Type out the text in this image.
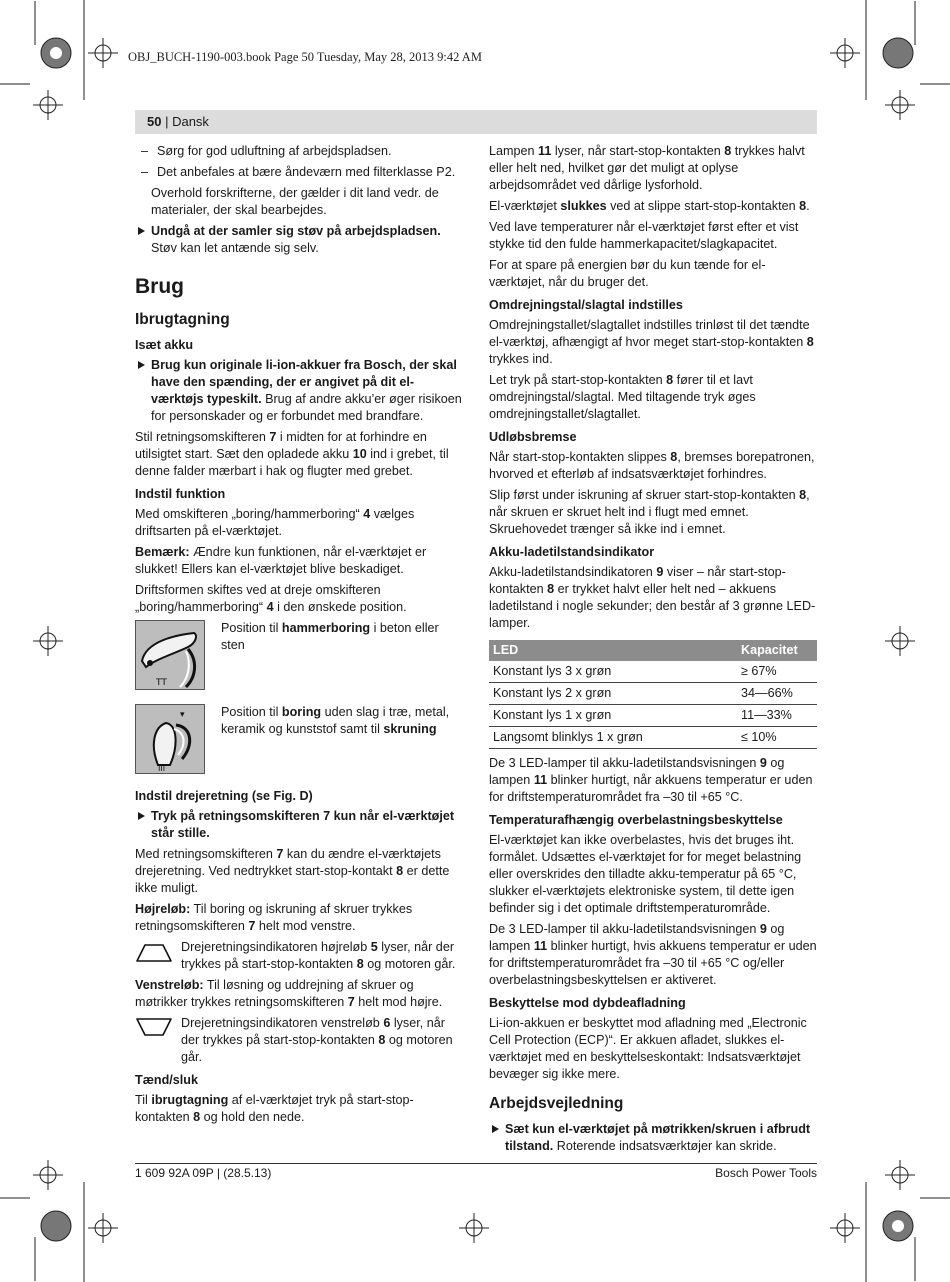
OBJ_BUCH-1190-003.book Page 50 Tuesday, May 28, 2013 9:42 AM
50 | Dansk

– Sørg for god udluftning af arbejdspladsen.

– Det anbefales at bære åndeværn med filterklasse P2.

Overhold forskrifterne, der gælder i dit land vedr. de materialer, der skal bearbejdes.

Undgå at der samler sig støv på arbejdspladsen. Støv kan let antænde sig selv.

Brug
Ibrugtagning
Isæt akku

Brug kun originale li-ion-akkuer fra Bosch, der skal have den spænding, der er angivet på dit el-værktøjs typeskilt. Brug af andre akku’er øger risikoen for personskader og er forbundet med brandfare.

Stil retningsomskifteren 7 i midten for at forhindre en utilsigtet start. Sæt den opladede akku 10 ind i grebet, til denne falder mærbart i hak og flugter med grebet.

Indstil funktion

Med omskifteren „boring/hammerboring“ 4 vælges driftsarten på el-værktøjet.

Bemærk: Ændre kun funktionen, når el-værktøjet er slukket! Ellers kan el-værktøjet blive beskadiget.

Driftsformen skiftes ved at dreje omskifteren „boring/hammerboring“ 4 i den ønskede position.

TT
Position til hammerboring i beton eller sten
▾
III
Position til boring uden slag i træ, metal, keramik og kunststof samt til skruning
Indstil drejeretning (se Fig. D)

Tryk på retningsomskifteren 7 kun når el-værktøjet står stille.

Med retningsomskifteren 7 kan du ændre el-værktøjets drejeretning. Ved nedtrykket start-stop-kontakt 8 er dette ikke muligt.

Højreløb: Til boring og iskruning af skruer trykkes retningsomskifteren 7 helt mod venstre.

Drejeretningsindikatoren højreløb 5 lyser, når der trykkes på start-stop-kontakten 8 og motoren går.

Venstreløb: Til løsning og uddrejning af skruer og møtrikker trykkes retningsomskifteren 7 helt mod højre.

Drejeretningsindikatoren venstreløb 6 lyser, når der trykkes på start-stop-kontakten 8 og motoren går.
Tænd/sluk

Til ibrugtagning af el-værktøjet tryk på start-stop-kontakten 8 og hold den nede.

Lampen 11 lyser, når start-stop-kontakten 8 trykkes halvt eller helt ned, hvilket gør det muligt at oplyse arbejdsområdet ved dårlige lysforhold.

El-værktøjet slukkes ved at slippe start-stop-kontakten 8.

Ved lave temperaturer når el-værktøjet først efter et vist stykke tid den fulde hammerkapacitet/slagkapacitet.

For at spare på energien bør du kun tænde for el-værktøjet, når du bruger det.

Omdrejningstal/slagtal indstilles

Omdrejningstallet/slagtallet indstilles trinløst til det tændte el-værktøj, afhængigt af hvor meget start-stop-kontakten 8 trykkes ind.

Let tryk på start-stop-kontakten 8 fører til et lavt omdrejningstal/slagtal. Med tiltagende tryk øges omdrejningstallet/slagtallet.

Udløbsbremse

Når start-stop-kontakten slippes 8, bremses borepatronen, hvorved et efterløb af indsatsværktøjet forhindres.

Slip først under iskruning af skruer start-stop-kontakten 8, når skruen er skruet helt ind i flugt med emnet. Skruehovedet trænger så ikke ind i emnet.

Akku-ladetilstandsindikator

Akku-ladetilstandsindikatoren 9 viser – når start-stop-kontakten 8 er trykket halvt eller helt ned – akkuens ladetilstand i nogle sekunder; den består af 3 grønne LED-lamper.

LED	Kapacitet
Konstant lys 3 x grøn	≥ 67%
Konstant lys 2 x grøn	34—66%
Konstant lys 1 x grøn	11—33%
Langsomt blinklys 1 x grøn	≤ 10%

De 3 LED-lamper til akku-ladetilstandsvisningen 9 og lampen 11 blinker hurtigt, når akkuens temperatur er uden for driftstemperaturområdet fra –30 til +65 °C.

Temperaturafhængig overbelastningsbeskyttelse

El-værktøjet kan ikke overbelastes, hvis det bruges iht. formålet. Udsættes el-værktøjet for for meget belastning eller overskrides den tilladte akku-temperatur på 65 °C, slukker el-værktøjets elektroniske system, til dette igen befinder sig i det optimale driftstemperaturområde.

De 3 LED-lamper til akku-ladetilstandsvisningen 9 og lampen 11 blinker hurtigt, hvis akkuens temperatur er uden for driftstemperaturområdet fra –30 til +65 °C og/eller overbelastningsbeskyttelsen er aktiveret.

Beskyttelse mod dybdeafladning

Li-ion-akkuen er beskyttet mod afladning med „Electronic Cell Protection (ECP)“. Er akkuen afladet, slukkes el-værktøjet med en beskyttelseskontakt: Indsatsværktøjet bevæger sig ikke mere.

Arbejdsvejledning

Sæt kun el-værktøjet på møtrikken/skruen i afbrudt tilstand. Roterende indsatsværktøjer kan skride.

1 609 92A 09P | (28.5.13)	Bosch Power Tools
